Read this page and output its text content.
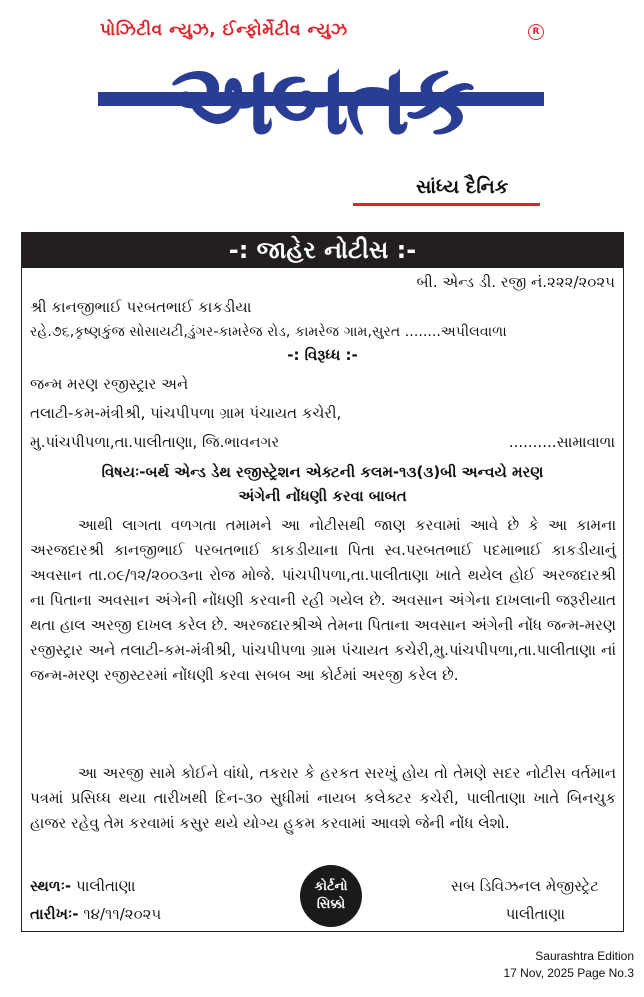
પોઝિટીવ ન્યુઝ, ઈન્ફોર્મેટીવ ન્યુઝ	R
અબતક
સાંધ્ય દૈનિક
-: જાહેર નોટીસ :-
બી. એન્ડ ડી. રજી નં.૨૨૨/૨૦૨૫
શ્રી કાનજીભાઈ પરબતભાઈ કાકડીયા
રહે.૭૬,કૃષ્ણકુંજ સોસાયટી,ડુંગર-કામરેજ રોડ, કામરેજ ગામ,સુરત ........અપીલવાળા
-: વિરૂધ્ધ :-
જન્મ મરણ રજીસ્ટ્રાર અને
તલાટી-કમ-મંત્રીશ્રી, પાંચપીપળા ગ્રામ પંચાયત કચેરી,
મુ.પાંચપીપળા,તા.પાલીતાણા, જિ.ભાવનગર	..........સામાવાળા
વિષયઃ-બર્થ એન્ડ ડેથ રજીસ્ટ્રેશન એક્ટની કલમ-૧૩(૩)બી અન્વયે મરણ
અંગેની નોંધણી કરવા બાબત
આથી લાગતા વળગતા તમામને આ નોટીસથી જાણ કરવામાં આવે છે કે આ કામના અરજદારશ્રી કાનજીભાઈ પરબતભાઈ કાકડીયાના પિતા સ્વ.પરબતભાઈ પદમાભાઈ કાકડીયાનું અવસાન તા.૦૯/૧૨/૨૦૦૩ના રોજ મોજે. પાંચપીપળા,તા.પાલીતાણા ખાતે થયેલ હોઈ અરજદારશ્રી ના પિતાના અવસાન અંગેની નોંધણી કરવાની રહી ગયેલ છે. અવસાન અંગેના દાખલાની જરૂરીયાત થતા હાલ અરજી દાખલ કરેલ છે. અરજદારશ્રીએ તેમના પિતાના અવસાન અંગેની નોંધ જન્મ-મરણ રજીસ્ટ્રાર અને તલાટી-કમ-મંત્રીશ્રી, પાંચપીપળા ગ્રામ પંચાયત કચેરી,મુ.પાંચપીપળા,તા.પાલીતાણા નાં જન્મ-મરણ રજીસ્ટરમાં નોંધણી કરવા સબબ આ કોર્ટમાં અરજી કરેલ છે.
આ અરજી સામે કોઈને વાંધો, તકરાર કે હરકત સરખું હોય તો તેમણે સદર નોટીસ વર્તમાન પત્રમાં પ્રસિધ્ધ થયા તારીખથી દિન-૩૦ સુધીમાં નાયબ કલેક્ટર કચેરી, પાલીતાણા ખાતે બિનચુક હાજર રહેવુ તેમ કરવામાં કસુર થયે યોગ્ય હુકમ કરવામાં આવશે જેની નોંધ લેશો.
સ્થળઃ- પાલીતાણા
તારીખઃ- ૧૪/૧૧/૨૦૨૫
કોર્ટનો
સિક્કો
સબ ડિવિઝનલ મેજીસ્ટ્રેટ
પાલીતાણા
Saurashtra Edition
17 Nov, 2025 Page No.3
